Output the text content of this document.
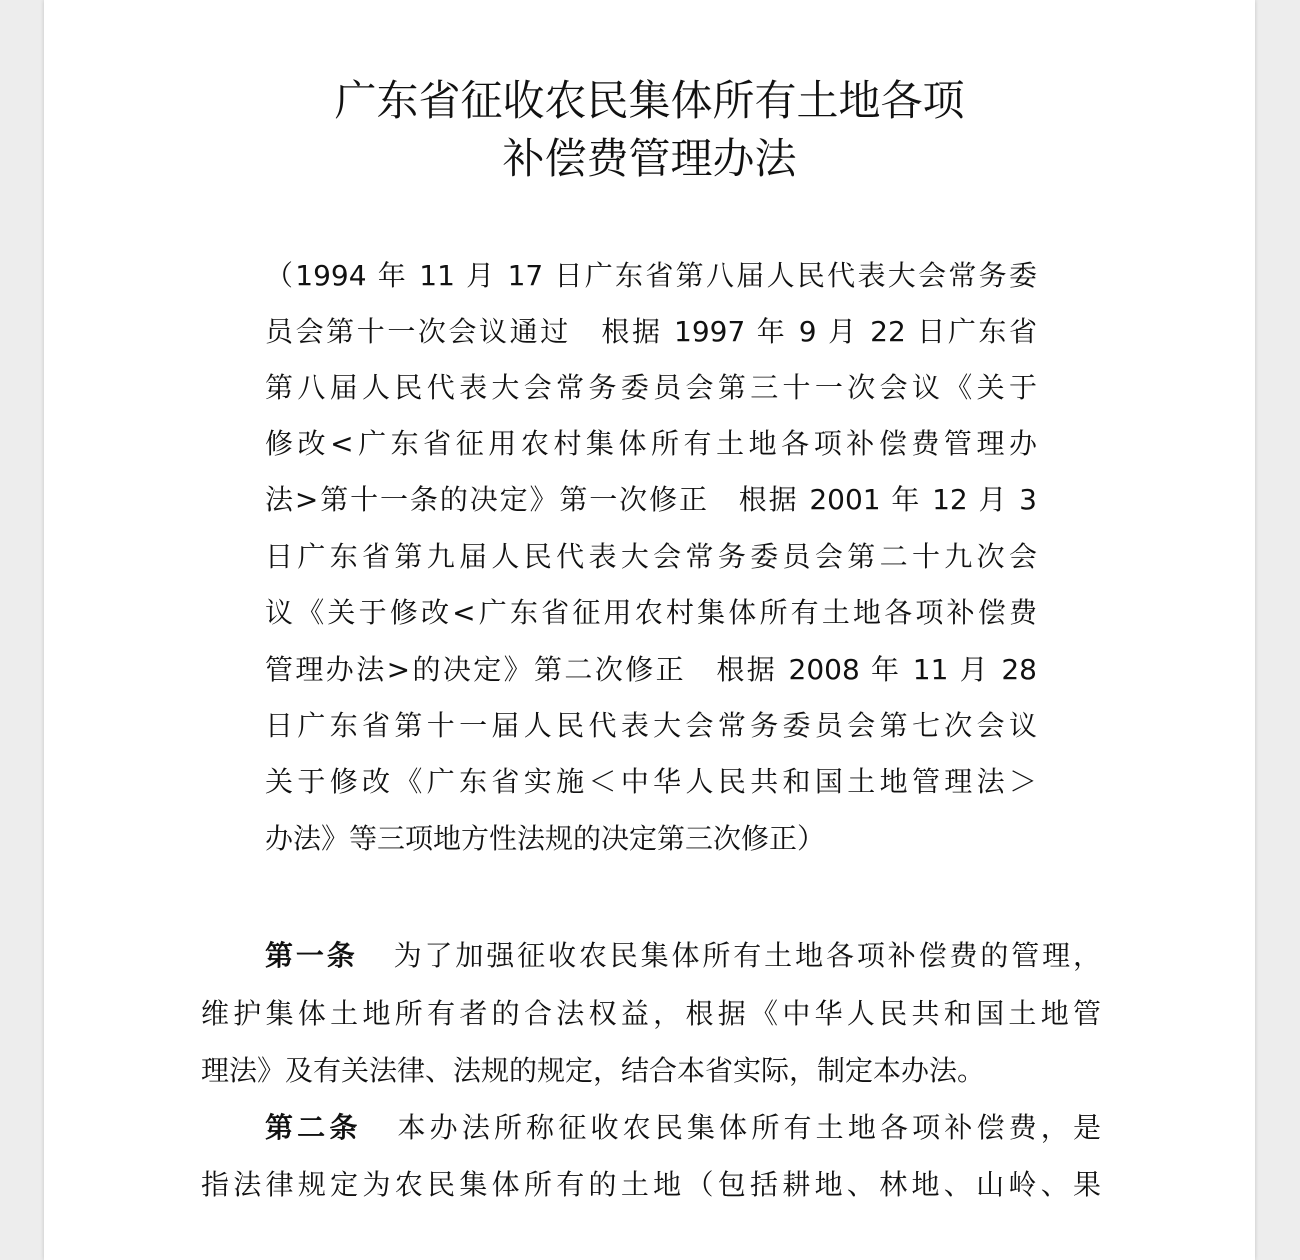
广东省征收农民集体所有土地各项
补偿费管理办法
（1994 年 11 月 17 日广东省第八届人民代表大会常务委
员会第十一次会议通过　根据 1997 年 9 月 22 日广东省
第八届人民代表大会常务委员会第三十一次会议《关于
修改<广东省征用农村集体所有土地各项补偿费管理办
法>第十一条的决定》第一次修正　根据 2001 年 12 月 3
日广东省第九届人民代表大会常务委员会第二十九次会
议《关于修改<广东省征用农村集体所有土地各项补偿费
管理办法>的决定》第二次修正　根据 2008 年 11 月 28
日广东省第十一届人民代表大会常务委员会第七次会议
关于修改《广东省实施＜中华人民共和国土地管理法＞
办法》等三项地方性法规的决定第三次修正）
第一条 为了加强征收农民集体所有土地各项补偿费的管理，
维护集体土地所有者的合法权益，根据《中华人民共和国土地管
理法》及有关法律、法规的规定，结合本省实际，制定本办法。
第二条 本办法所称征收农民集体所有土地各项补偿费，是
指法律规定为农民集体所有的土地（包括耕地、林地、山岭、果
